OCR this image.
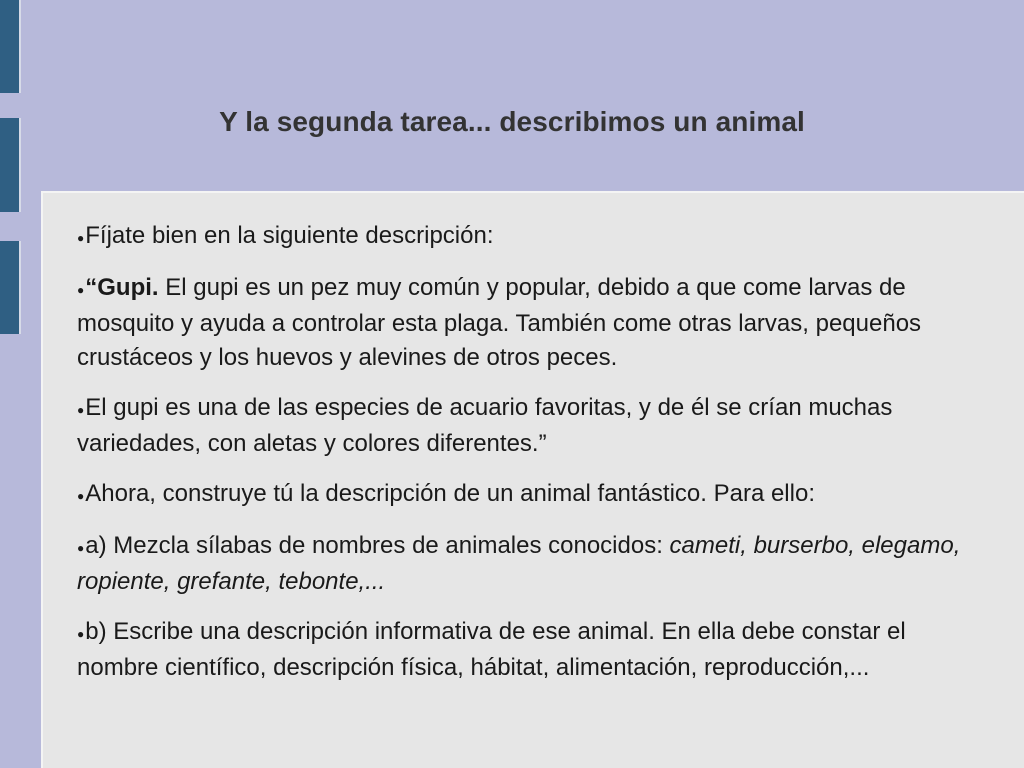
Y la segunda tarea... describimos un animal
●Fíjate bien en la siguiente descripción:
●“Gupi. El gupi es un pez muy común y popular, debido a que come larvas de mosquito y ayuda a controlar esta plaga. También come otras larvas, pequeños crustáceos y los huevos y alevines de otros peces.
●El gupi es una de las especies de acuario favoritas, y de él se crían muchas variedades, con aletas y colores diferentes.”
●Ahora, construye tú la descripción de un animal fantástico. Para ello:
●a) Mezcla sílabas de nombres de animales conocidos: cameti, burserbo, elegamo, ropiente, grefante, tebonte,...
●b) Escribe una descripción informativa de ese animal. En ella debe constar el nombre científico, descripción física, hábitat, alimentación, reproducción,...
